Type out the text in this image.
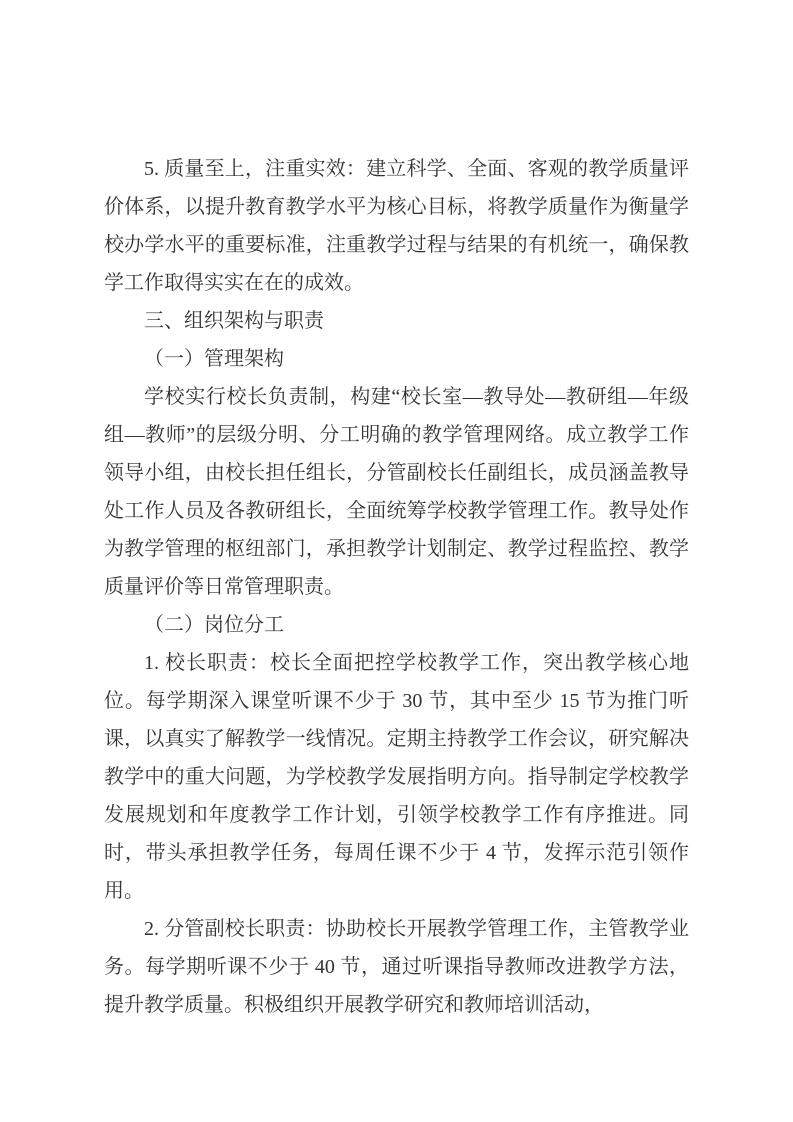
5. 质量至上，注重实效：建立科学、全面、客观的教学质量评价体系，以提升教育教学水平为核心目标，将教学质量作为衡量学校办学水平的重要标准，注重教学过程与结果的有机统一，确保教学工作取得实实在在的成效。

三、组织架构与职责

（一）管理架构

学校实行校长负责制，构建“校长室—教导处—教研组—年级组—教师”的层级分明、分工明确的教学管理网络。成立教学工作领导小组，由校长担任组长，分管副校长任副组长，成员涵盖教导处工作人员及各教研组长，全面统筹学校教学管理工作。教导处作为教学管理的枢纽部门，承担教学计划制定、教学过程监控、教学质量评价等日常管理职责。

（二）岗位分工

1. 校长职责：校长全面把控学校教学工作，突出教学核心地位。每学期深入课堂听课不少于 30 节，其中至少 15 节为推门听课，以真实了解教学一线情况。定期主持教学工作会议，研究解决教学中的重大问题，为学校教学发展指明方向。指导制定学校教学发展规划和年度教学工作计划，引领学校教学工作有序推进。同时，带头承担教学任务，每周任课不少于 4 节，发挥示范引领作用。

2. 分管副校长职责：协助校长开展教学管理工作，主管教学业务。每学期听课不少于 40 节，通过听课指导教师改进教学方法，提升教学质量。积极组织开展教学研究和教师培训活动，
